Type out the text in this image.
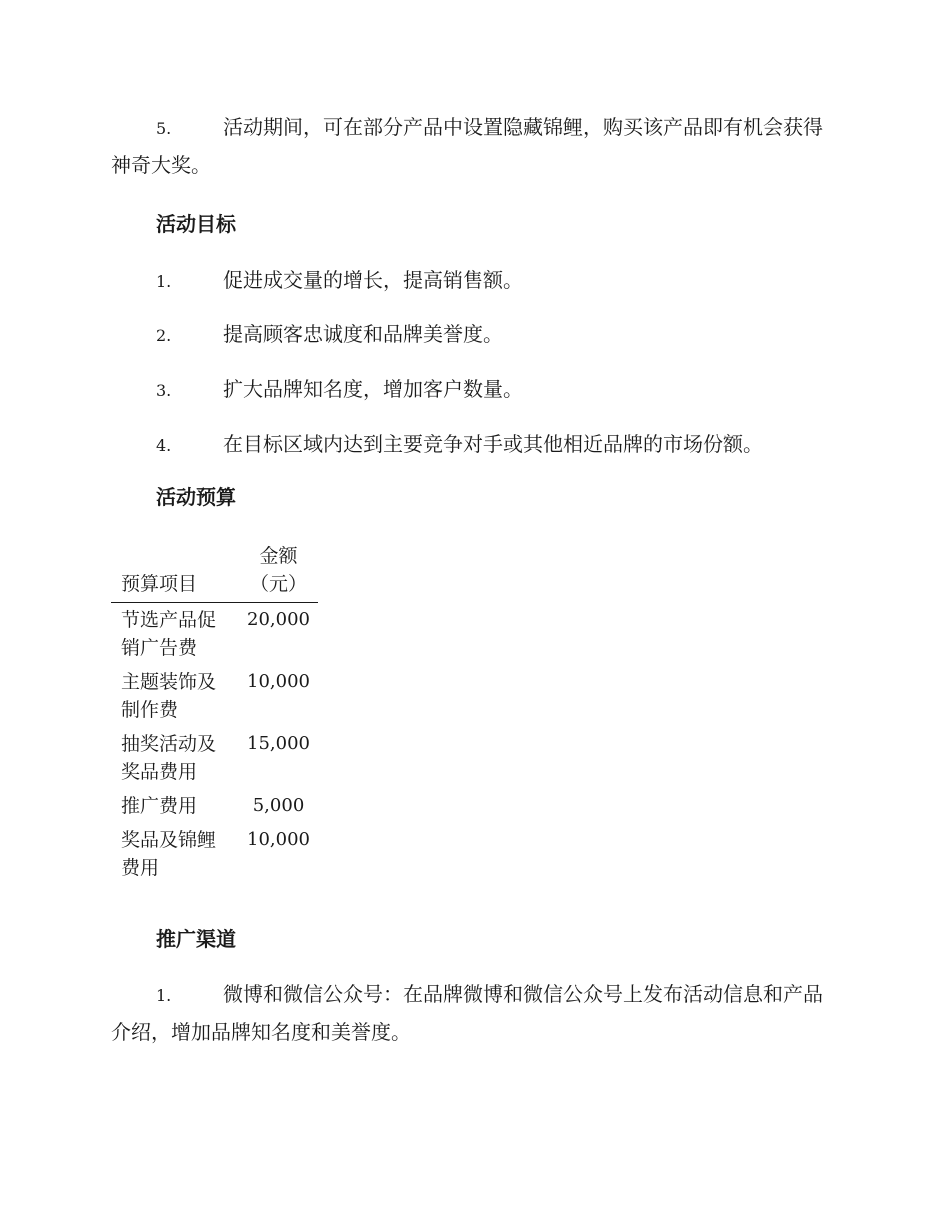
5.	活动期间，可在部分产品中设置隐藏锦鲤，购买该产品即有机会获得神奇大奖。
活动目标
1.	促进成交量的增长，提高销售额。
2.	提高顾客忠诚度和品牌美誉度。
3.	扩大品牌知名度，增加客户数量。
4.	在目标区域内达到主要竞争对手或其他相近品牌的市场份额。
活动预算
预算项目	金额（元）
节选产品促销广告费	20,000
主题装饰及制作费	10,000
抽奖活动及奖品费用	15,000
推广费用	5,000
奖品及锦鲤费用	10,000
推广渠道
1.	微博和微信公众号：在品牌微博和微信公众号上发布活动信息和产品介绍，增加品牌知名度和美誉度。
